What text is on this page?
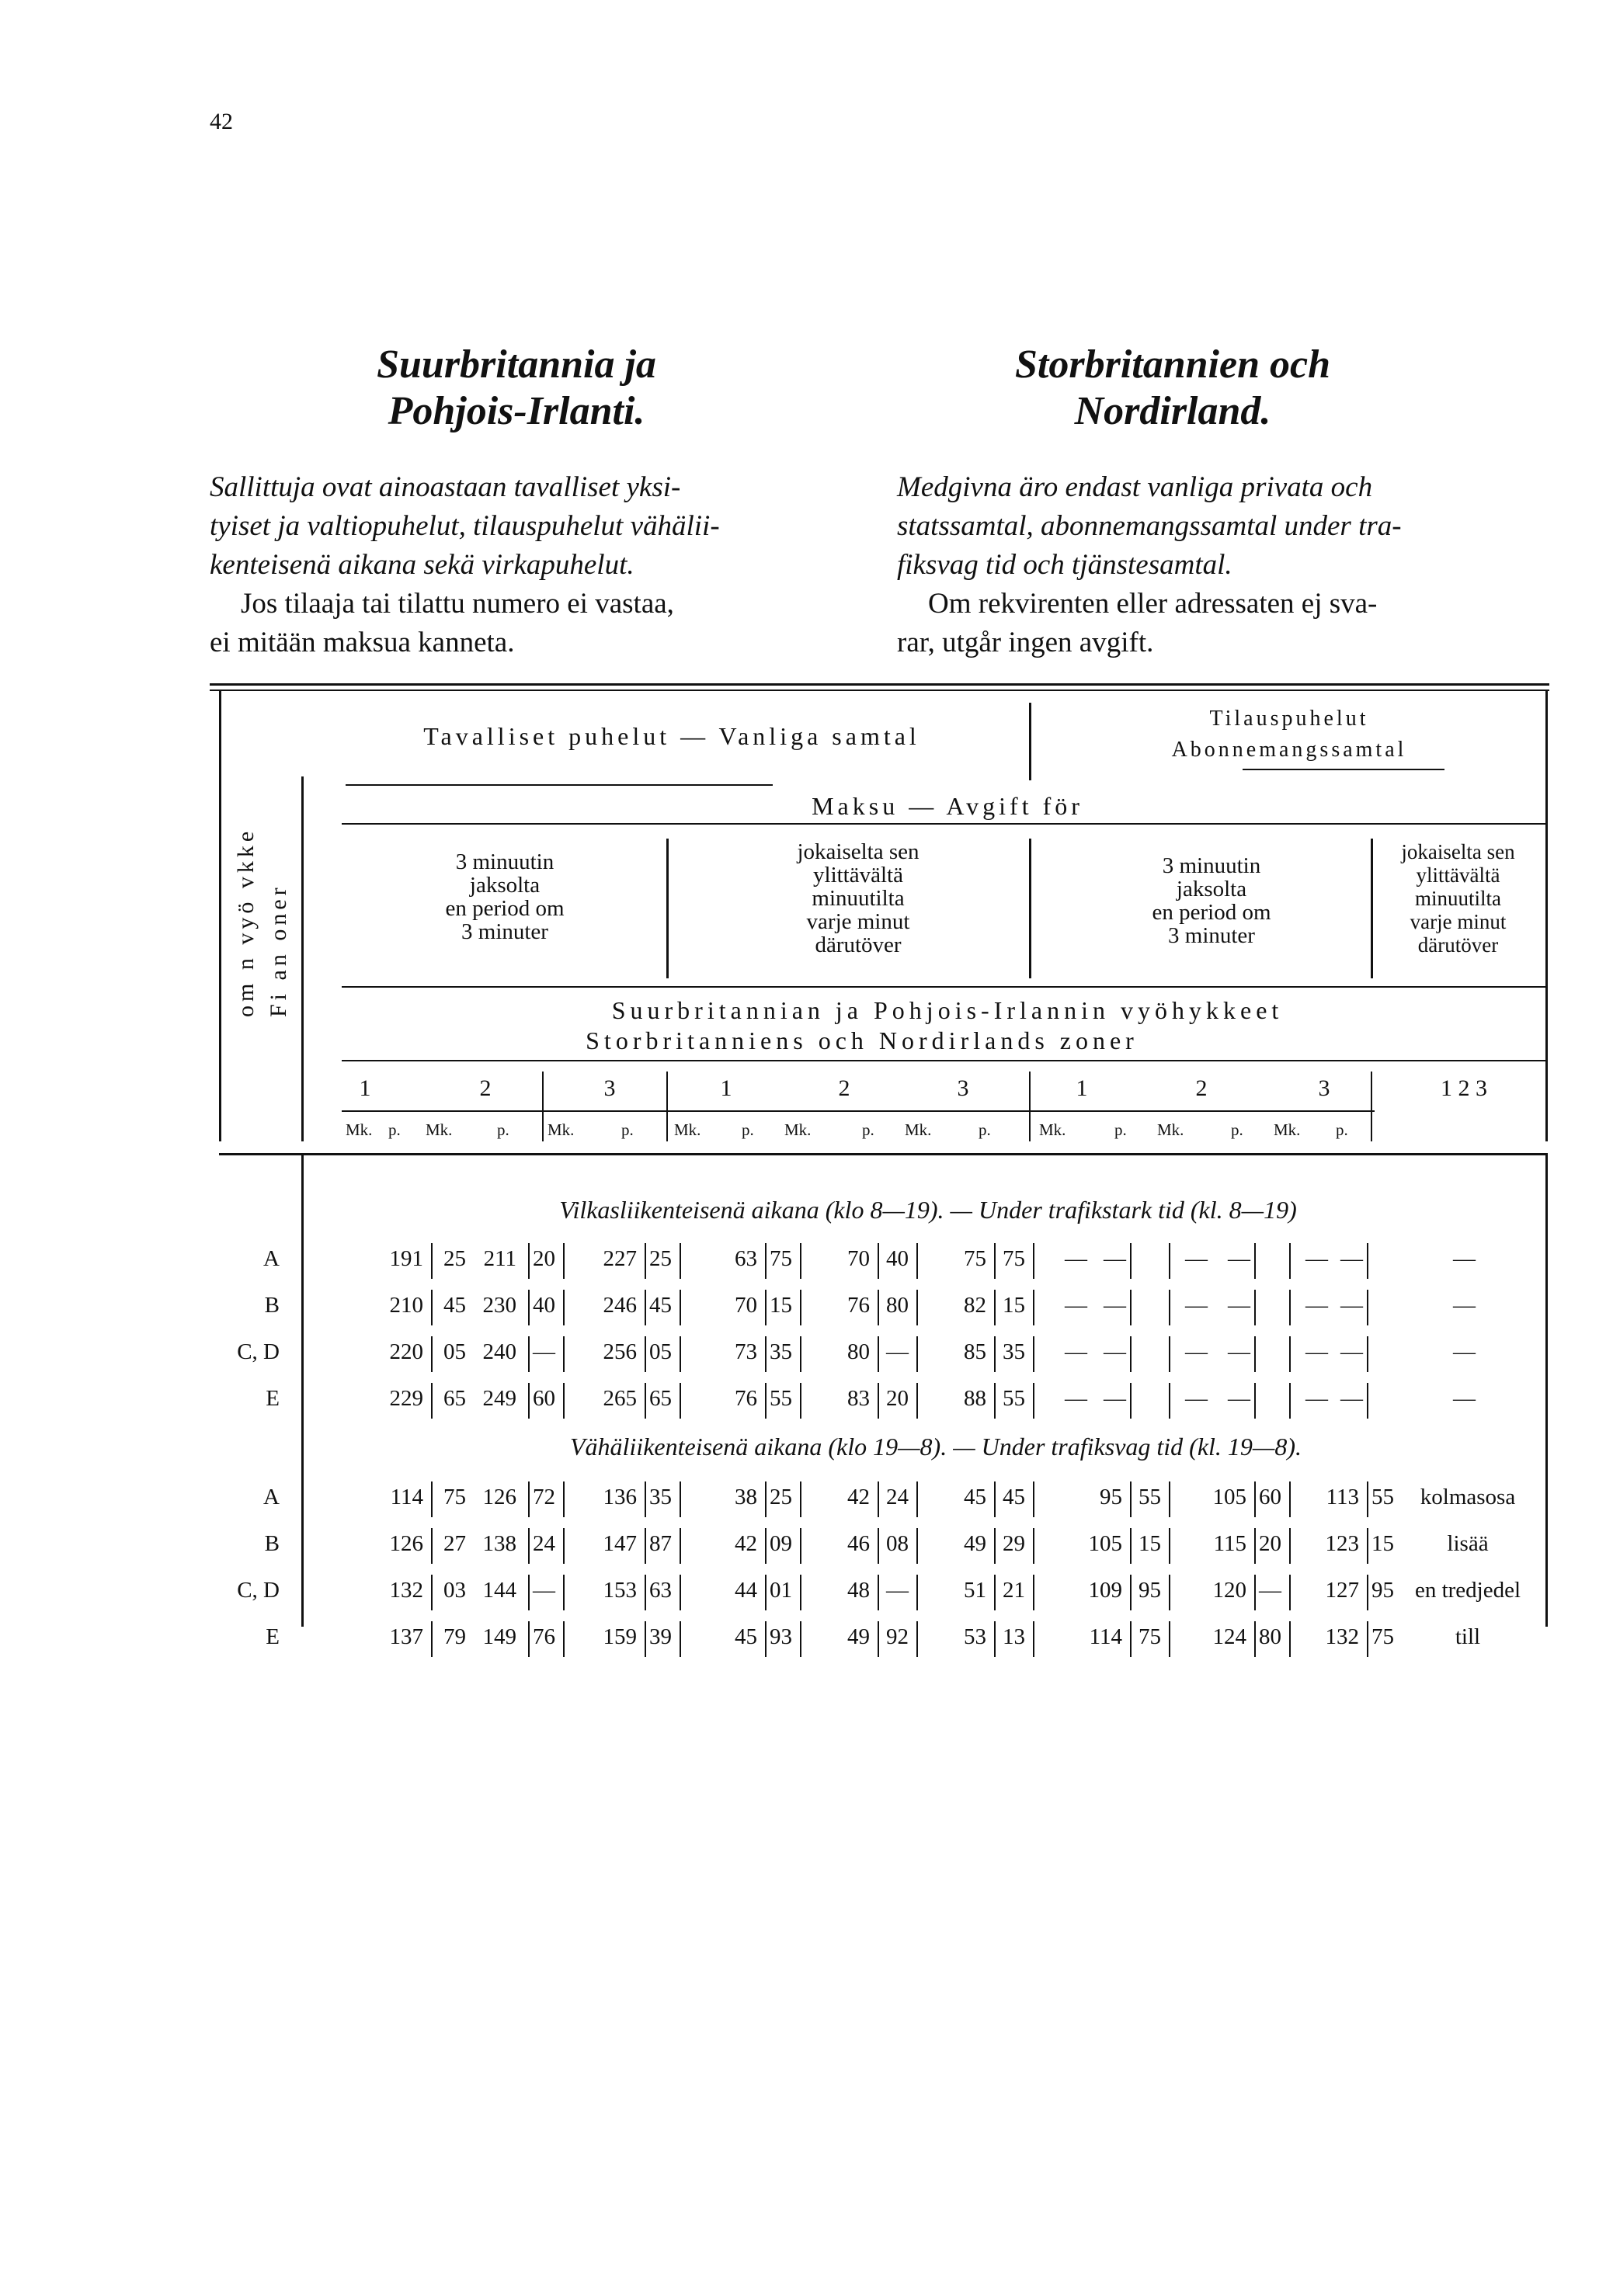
42
Suurbritannia ja
Pohjois-Irlanti.
Sallittuja ovat ainoastaan tavalliset yksi-
tyiset ja valtiopuhelut, tilauspuhelut vähälii-
kenteisenä aikana sekä virkapuhelut.
Jos tilaaja tai tilattu numero ei vastaa,
ei mitään maksua kanneta.
Storbritannien och
Nordirland.
Medgivna äro endast vanliga privata och
statssamtal, abonnemangssamtal under tra-
fiksvag tid och tjänstesamtal.
Om rekvirenten eller adressaten ej sva-
rar, utgår ingen avgift.
Tavalliset puhelut — Vanliga samtal
Tilauspuhelut
Abonnemangssamtal
Maksu — Avgift för
om n vyö vkke Fi an oner
3 minuutin
jaksolta
en period om
3 minuter
jokaiselta sen
ylittävältä
minuutilta
varje minut
därutöver
3 minuutin
jaksolta
en period om
3 minuter
jokaiselta sen
ylittävältä
minuutilta
varje minut
därutöver
Suurbritannian ja Pohjois-Irlannin vyöhykkeet
Storbritanniens och Nordirlands zoner
1	2	3	1	2	3	1	2	3	1 2 3
Mk. p.	Mk.	p.	Mk.	p.	Mk.	p.	Mk.	p.	Mk.	p.	Mk.	p.	Mk.	p.	Mk.	p.
Vilkasliikenteisenä aikana (klo 8—19). — Under trafikstark tid (kl. 8—19)
Vähäliikenteisenä aikana (klo 19—8). — Under trafiksvag tid (kl. 19—8).
A	191 25 211 20	227 25	63 75	70 40	75 75	— —	— —	— —	—
B	210 45 230 40	246 45	70 15	76 80	82 15	— —	— —	— —	—
C, D	220 05 240 —	256 05	73 35	80 —	85 35	— —	— —	— —	—
E	229 65 249 60	265 65	76 55	83 20	88 55	— —	— —	— —	—
A	114 75 126 72	136 35	38 25	42 24	45 45	95 55	105 60	113 55	kolmasosa
B	126 27 138 24	147 87	42 09	46 08	49 29	105 15	115 20	123 15	lisää
C, D	132 03 144 —	153 63	44 01	48 —	51 21	109 95	120 —	127 95 en tredjedel
E	137 79 149 76	159 39	45 93	49 92	53 13	114 75	124 80	132 75	till
